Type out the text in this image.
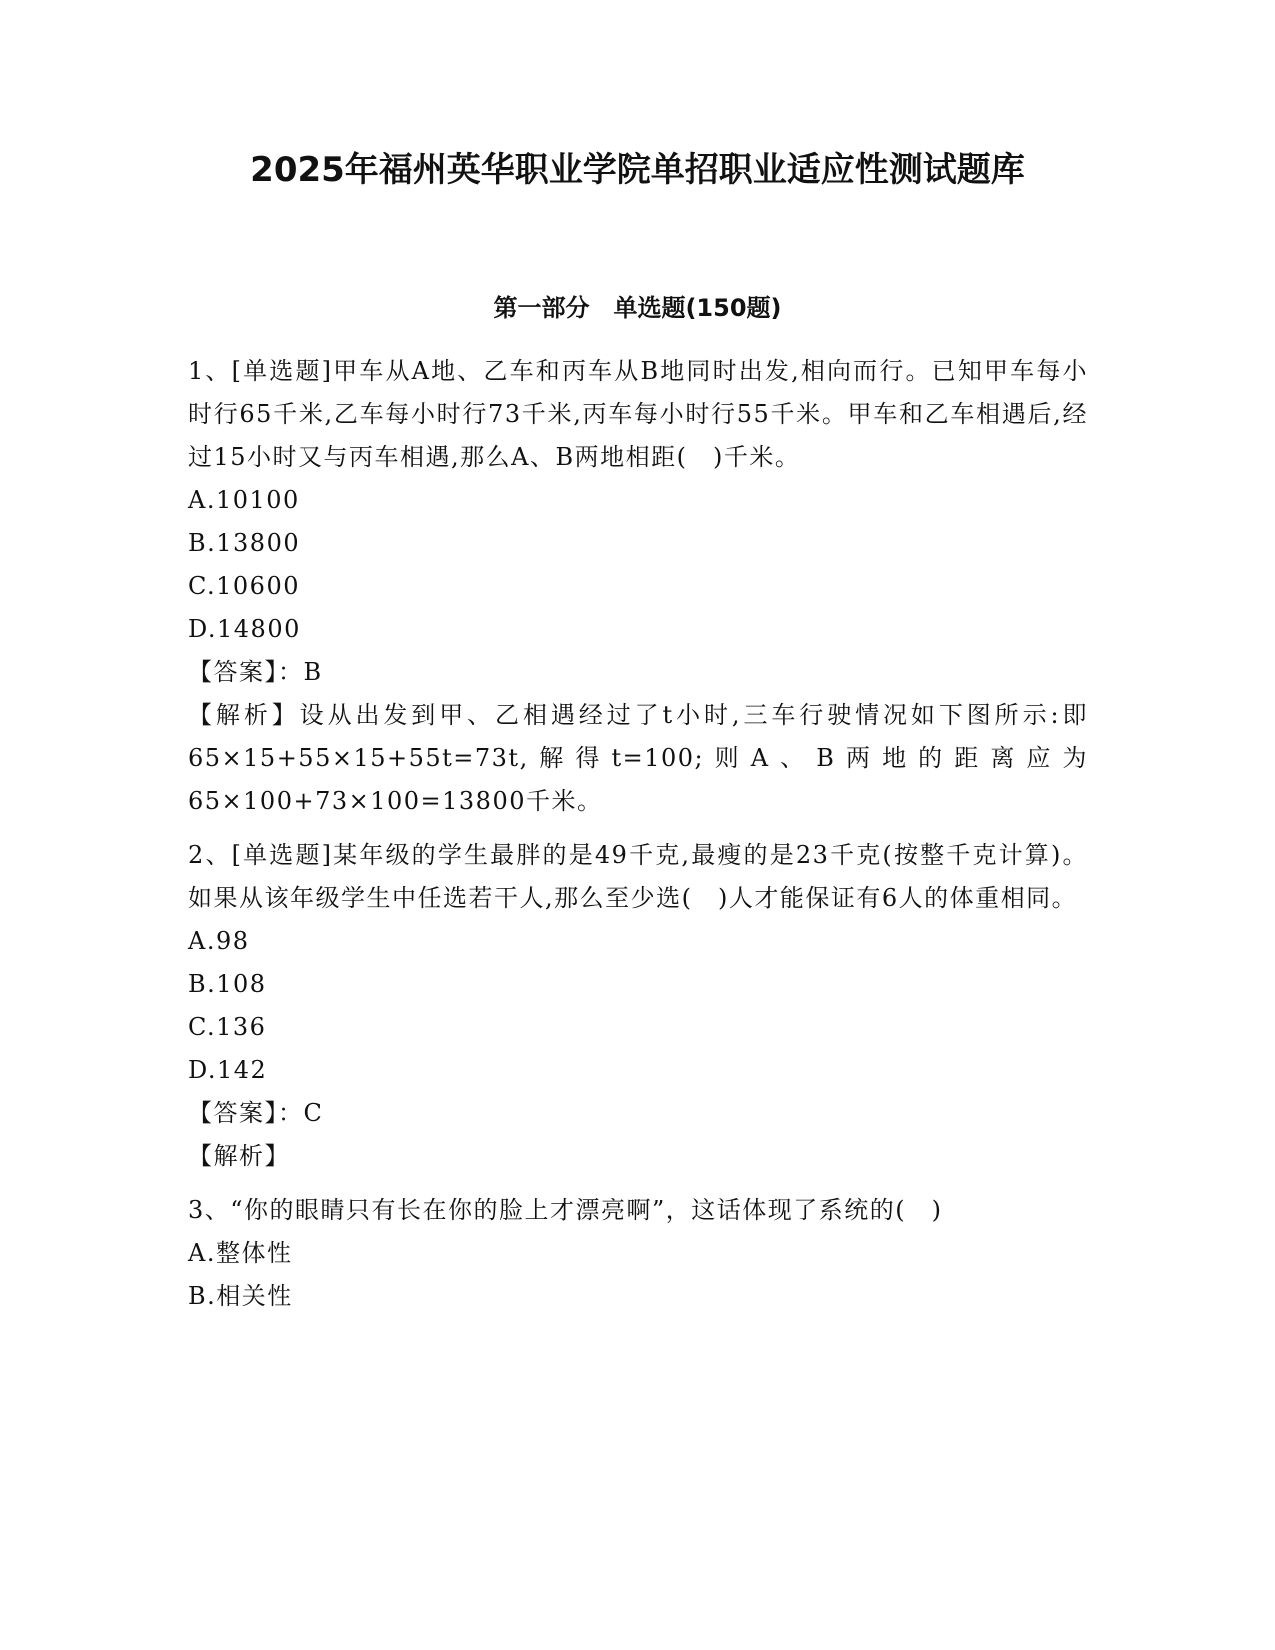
2025年福州英华职业学院单招职业适应性测试题库
第一部分　单选题(150题)

1、[单选题]甲车从A地、乙车和丙车从B地同时出发,相向而行。已知甲车每小时行65千米,乙车每小时行73千米,丙车每小时行55千米。甲车和乙车相遇后,经过15小时又与丙车相遇,那么A、B两地相距(　)千米。

A.10100

B.13800

C.10600

D.14800

【答案】：B

【解析】设从出发到甲、乙相遇经过了t小时,三车行驶情况如下图所示:即65×15+55×15+55t=73t,解得t=100;则A、B两地的距离应为65×100+73×100=13800千米。

2、[单选题]某年级的学生最胖的是49千克,最瘦的是23千克(按整千克计算)。如果从该年级学生中任选若干人,那么至少选(　)人才能保证有6人的体重相同。

A.98

B.108

C.136

D.142

【答案】：C

【解析】

3、“你的眼睛只有长在你的脸上才漂亮啊”，这话体现了系统的(　)

A.整体性

B.相关性
